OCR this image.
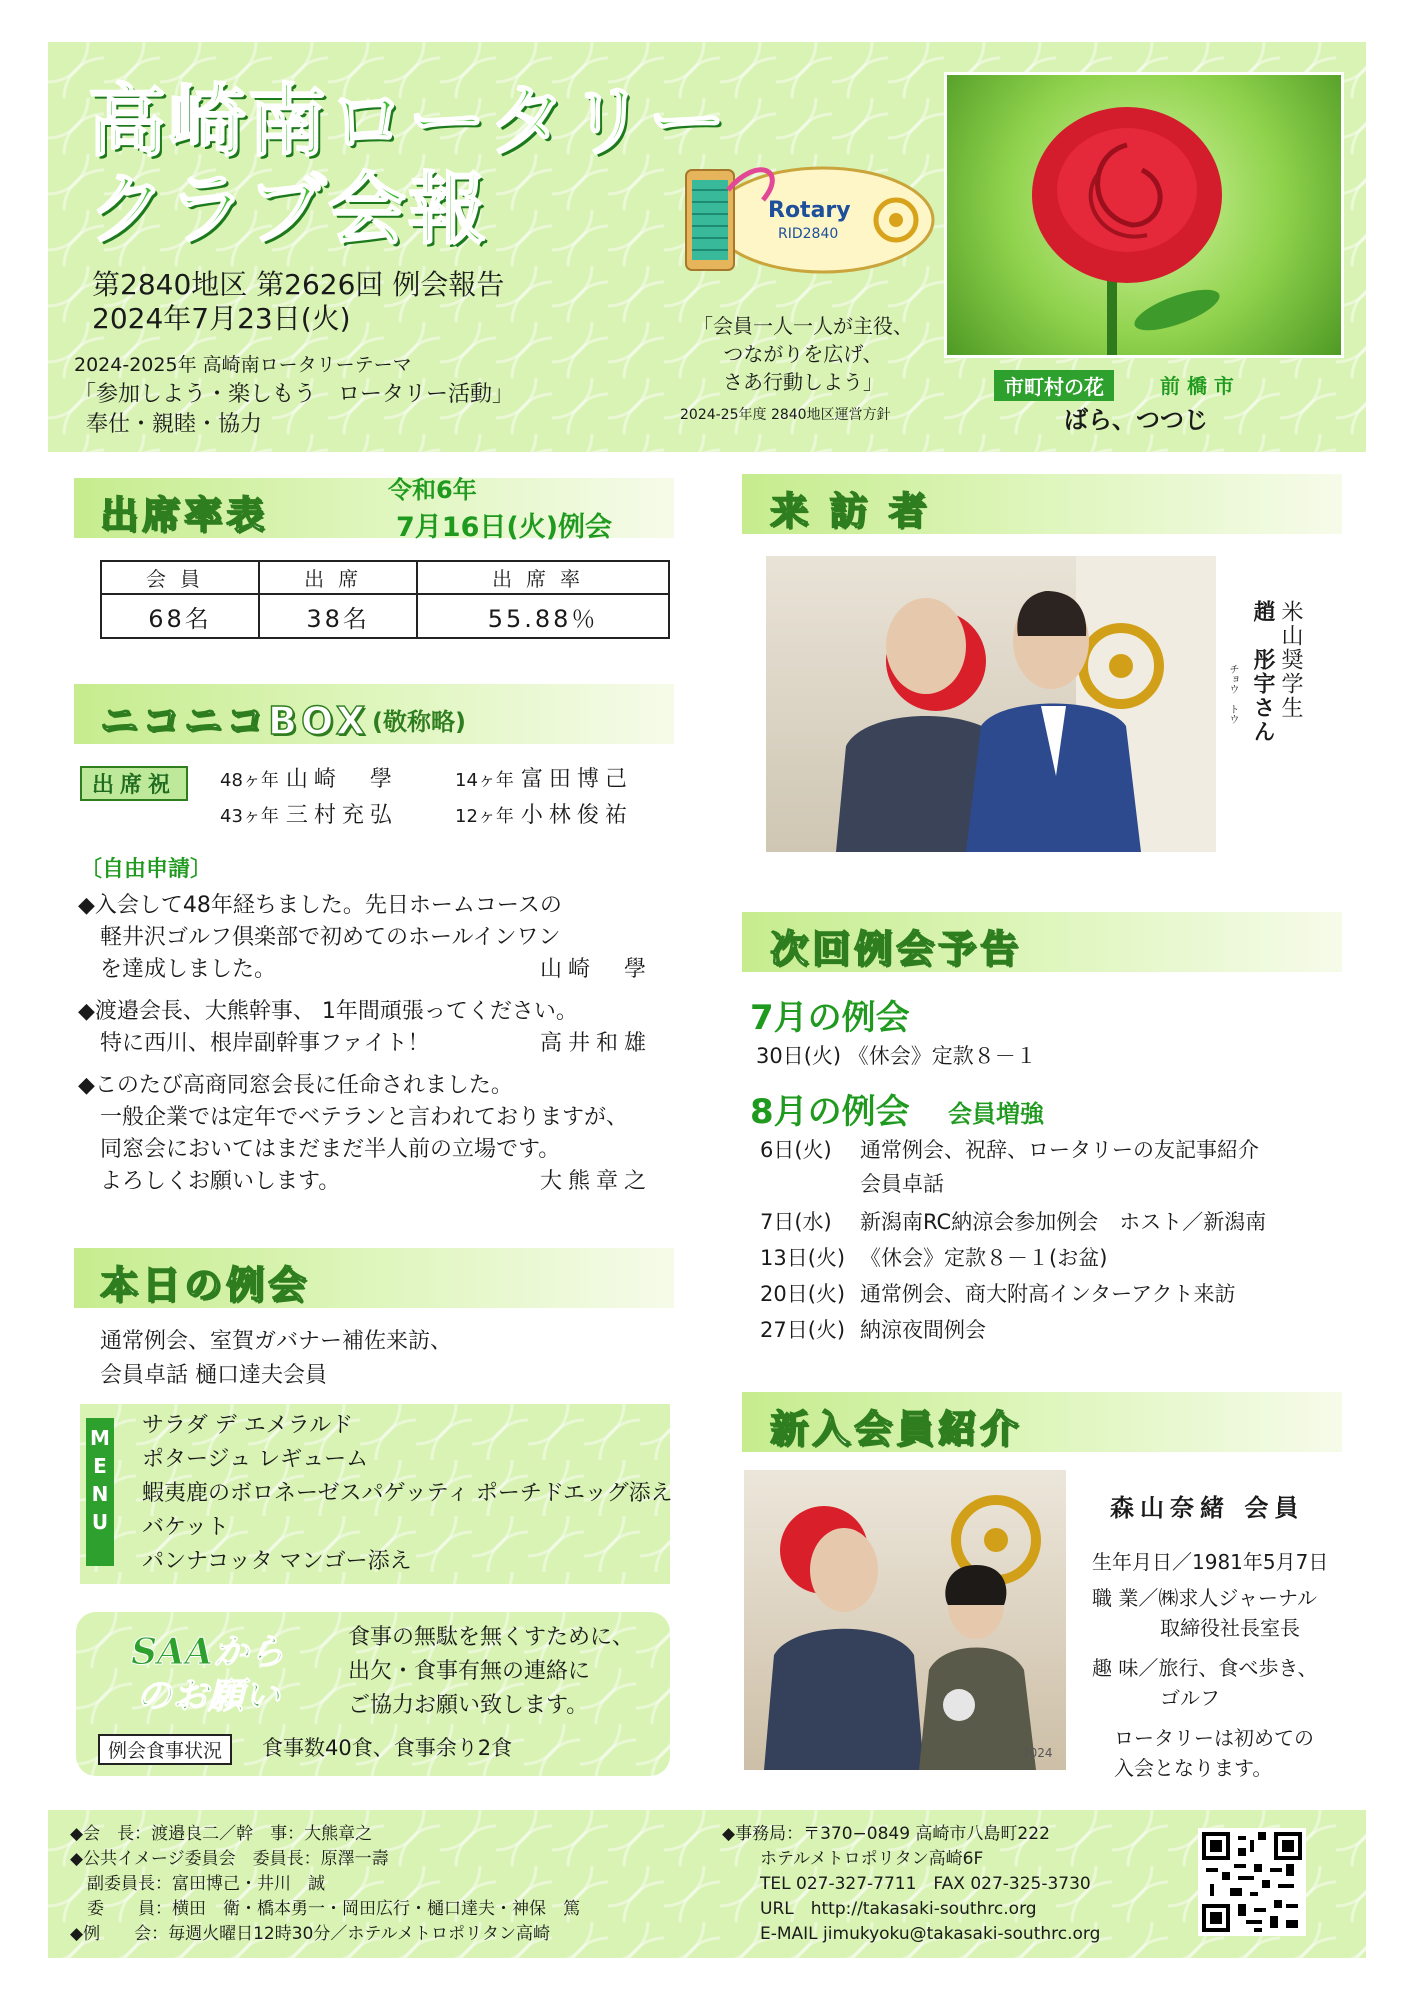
高崎南ロータリー
クラブ会報
第2840地区 第2626回 例会報告
2024年7月23日(火)
2024-2025年 高崎南ロータリーテーマ
「参加しよう・楽しもう　ロータリー活動」
奉仕・親睦・協力
Rotary
RID2840
「会員一人一人が主役、
つながりを広げ、
さあ行動しよう」
2024-25年度 2840地区運営方針
市町村の花	前 橋 市
ばら、つつじ
出席率表
令和6年
7月16日(火)例会
会員	出席	出席率
68名	38名	55.88％
ニコニコBOX (敬称略)
出席祝	48ヶ年 山崎　學	14ヶ年 富田博己
43ヶ年 三村充弘	12ヶ年 小林俊祐
〔自由申請〕
◆入会して48年経ちました。先日ホームコースの
軽井沢ゴルフ倶楽部で初めてのホールインワン
を達成しました。	山崎　學
◆渡邉会長、大熊幹事、 1年間頑張ってください。
特に西川、根岸副幹事ファイト！	高井和雄
◆このたび高商同窓会長に任命されました。
一般企業では定年でベテランと言われておりますが、
同窓会においてはまだまだ半人前の立場です。
よろしくお願いします。	大熊章之
本日の例会
通常例会、室賀ガバナー補佐来訪、
会員卓話 樋口達夫会員
MENU
サラダ デ エメラルド
ポタージュ レギューム
蝦夷鹿のボロネーゼスパゲッティ ポーチドエッグ添え
バケット
パンナコッタ マンゴー添え
SAAから
のお願い
食事の無駄を無くすために、
出欠・食事有無の連絡に
ご協力お願い致します。
例会食事状況	食事数40食、食事余り2食
来 訪 者
米山奨学生
趙　彤宇さん
チョウ　トウ
次回例会予告
7月の例会
30日(火) 《休会》定款８－１
8月の例会 会員増強
6日(火) 通常例会、祝辞、ロータリーの友記事紹介
会員卓話
7日(水) 新潟南RC納涼会参加例会　ホスト／新潟南
13日(火) 《休会》定款８－１(お盆)
20日(火) 通常例会、商大附高インターアクト来訪
27日(火) 納涼夜間例会
新入会員紹介
2024
森山奈緒 会員
生年月日／1981年5月7日
職 業／㈱求人ジャーナル
取締役社長室長
趣 味／旅行、食べ歩き、
ゴルフ
ロータリーは初めての
入会となります。
◆会　長：渡邉良二／幹　事：大熊章之
◆公共イメージ委員会　委員長：原澤一壽
　副委員長：富田博己・井川　誠
　委　　員：横田　衛・橋本勇一・岡田広行・樋口達夫・神保　篤
◆例　　会：毎週火曜日12時30分／ホテルメトロポリタン高崎
◆事務局：〒370−0849 高崎市八島町222
ホテルメトロポリタン高崎6F
TEL 027-327-7711　FAX 027-325-3730
URL　http://takasaki-southrc.org
E-MAIL jimukyoku@takasaki-southrc.org
